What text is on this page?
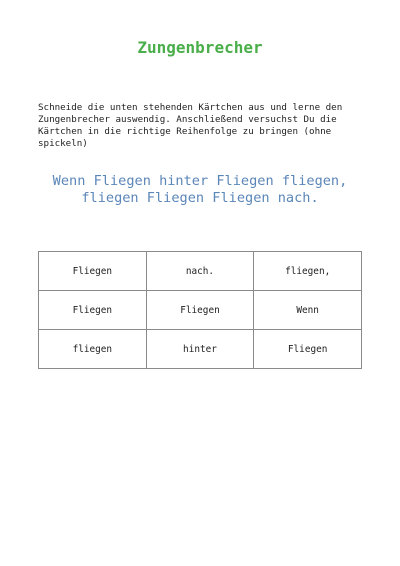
Zungenbrecher
Schneide die unten stehenden Kärtchen aus und lerne den Zungenbrecher auswendig. Anschließend versuchst Du die Kärtchen in die richtige Reihenfolge zu bringen (ohne spickeln)
Wenn Fliegen hinter Fliegen fliegen,
fliegen Fliegen Fliegen nach.
Fliegen	nach.	fliegen,
Fliegen	Fliegen	Wenn
fliegen	hinter	Fliegen
